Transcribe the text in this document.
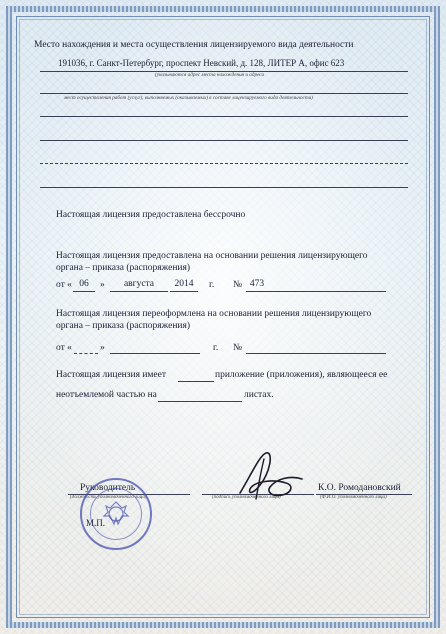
Место нахождения и места осуществления лицензируемого вида деятельности
191036, г. Санкт-Петербург, проспект Невский, д. 128, ЛИТЕР А, офис 623
(указываются адрес места нахождения и адреса
мест осуществления работ (услуг), выполняемых (оказываемых) в составе лицензируемого вида деятельности)
Настоящая лицензия предоставлена бессрочно
Настоящая лицензия предоставлена на основании решения лицензирующего
органа – приказа (распоряжения)
от « 06	»	августа	2014	г. № 473
Настоящая лицензия переоформлена на основании решения лицензирующего
органа – приказа (распоряжения)
от «	»	г. №
Настоящая лицензия имеет	приложение (приложения), являющееся ее
неотъемлемой частью на	листах.
Руководитель
(должность уполномоченного лица)	(подпись уполномоченного лица)
К.О. Ромодановский
(Ф.И.О. уполномоченного лица)
М.П.
